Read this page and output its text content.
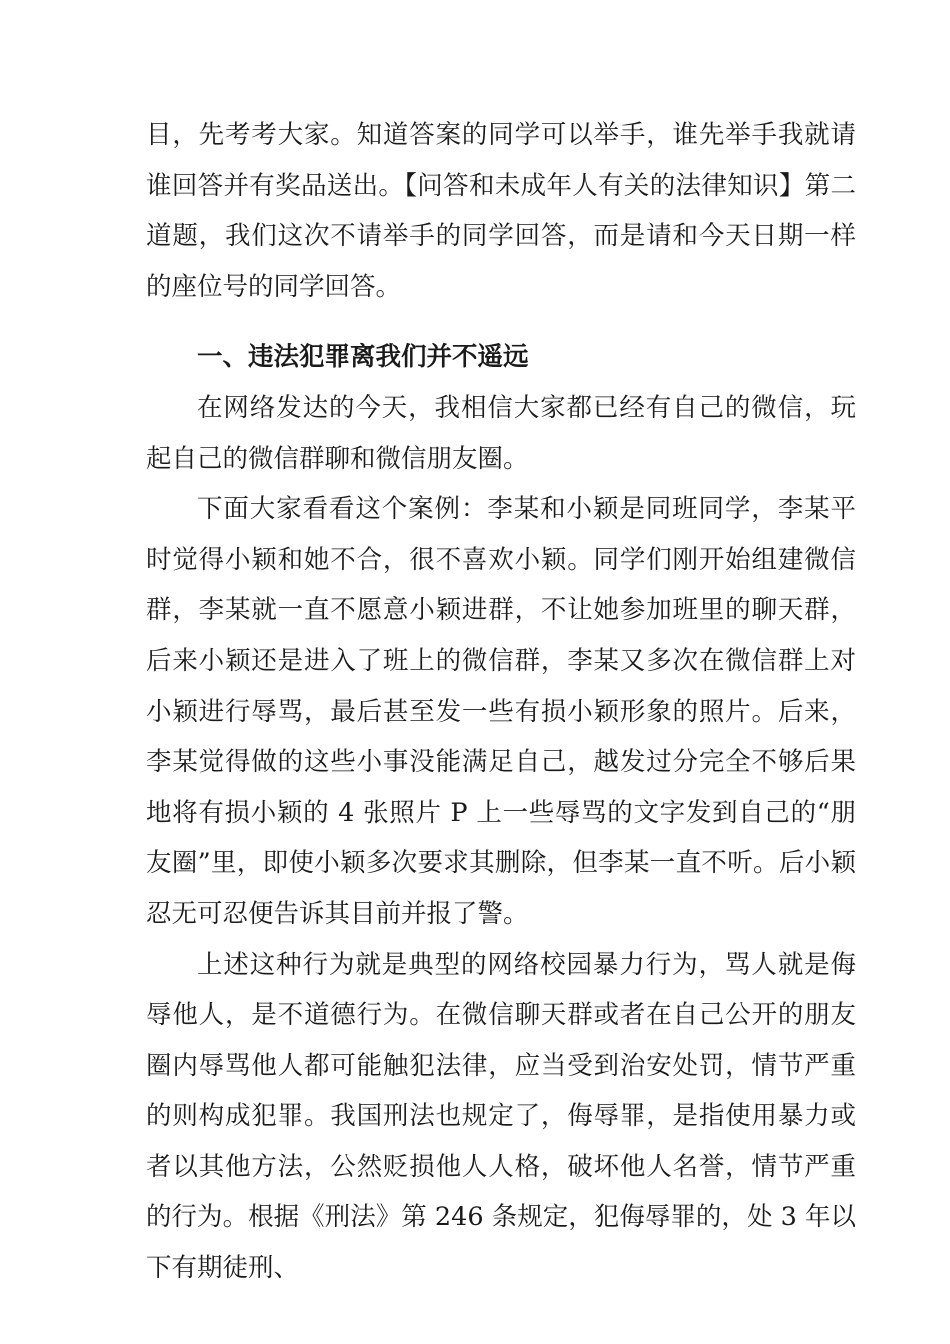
目，先考考大家。知道答案的同学可以举手，谁先举手我就请谁回答并有奖品送出。【问答和未成年人有关的法律知识】第二道题，我们这次不请举手的同学回答，而是请和今天日期一样的座位号的同学回答。

一、违法犯罪离我们并不遥远

在网络发达的今天，我相信大家都已经有自己的微信，玩起自己的微信群聊和微信朋友圈。

下面大家看看这个案例：李某和小颖是同班同学，李某平时觉得小颖和她不合，很不喜欢小颖。同学们刚开始组建微信群，李某就一直不愿意小颖进群，不让她参加班里的聊天群，后来小颖还是进入了班上的微信群，李某又多次在微信群上对小颖进行辱骂，最后甚至发一些有损小颖形象的照片。后来，李某觉得做的这些小事没能满足自己，越发过分完全不够后果地将有损小颖的 4 张照片 P 上一些辱骂的文字发到自己的“朋友圈”里，即使小颖多次要求其删除，但李某一直不听。后小颖忍无可忍便告诉其目前并报了警。

上述这种行为就是典型的网络校园暴力行为，骂人就是侮辱他人，是不道德行为。在微信聊天群或者在自己公开的朋友圈内辱骂他人都可能触犯法律，应当受到治安处罚，情节严重的则构成犯罪。我国刑法也规定了，侮辱罪，是指使用暴力或者以其他方法，公然贬损他人人格，破坏他人名誉，情节严重的行为。根据《刑法》第 246 条规定，犯侮辱罪的，处 3 年以下有期徒刑、
